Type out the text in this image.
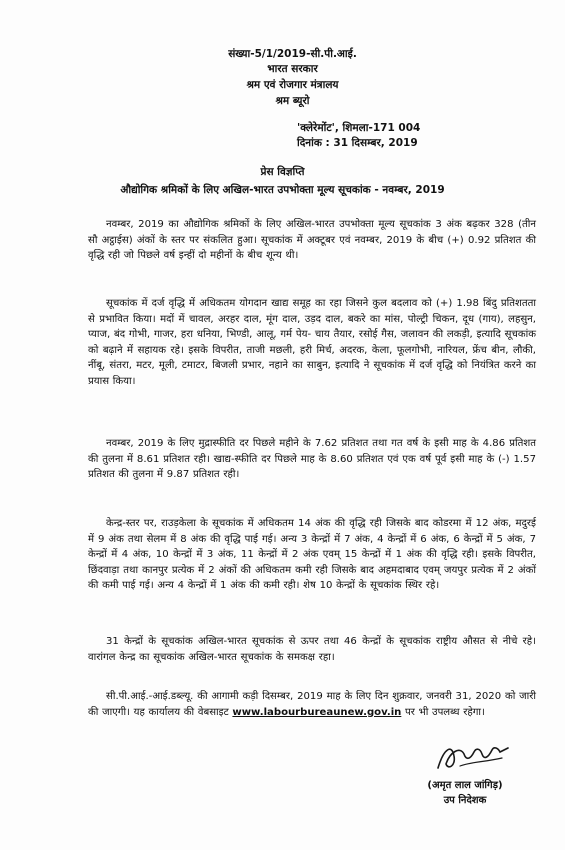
संख्या-5/1/2019-सी.पी.आई.
भारत सरकार
श्रम एवं रोजगार मंत्रालय
श्रम ब्यूरो
'क्लेरेमोंट', शिमला-171 004
दिनांक : 31 दिसम्बर, 2019
प्रेस विज्ञप्ति
औद्योगिक श्रमिकों के लिए अखिल-भारत उपभोक्ता मूल्य सूचकांक - नवम्बर, 2019
नवम्बर, 2019 का औद्योगिक श्रमिकों के लिए अखिल-भारत उपभोक्ता मूल्य सूचकांक 3 अंक बढ़कर 328 (तीन सौ अट्ठाईस) अंकों के स्तर पर संकलित हुआ। सूचकांक में अक्टूबर एवं नवम्बर, 2019 के बीच (+) 0.92 प्रतिशत की वृद्धि रही जो पिछले वर्ष इन्हीं दो महीनों के बीच शून्य थी।
सूचकांक में दर्ज वृद्धि में अधिकतम योगदान खाद्य समूह का रहा जिसने कुल बदलाव को (+) 1.98 बिंदु प्रतिशतता से प्रभावित किया। मदों में चावल, अरहर दाल, मूंग दाल, उड़द दाल, बकरे का मांस, पोल्ट्री चिकन, दूध (गाय), लहसुन, प्याज, बंद गोभी, गाजर, हरा धनिया, भिण्डी, आलू, गर्म पेय- चाय तैयार, रसोई गैस, जलावन की लकड़ी, इत्यादि सूचकांक को बढ़ाने में सहायक रहे। इसके विपरीत, ताजी मछली, हरी मिर्च, अदरक, केला, फूलगोभी, नारियल, फ्रेंच बीन, लौकी, नींबू, संतरा, मटर, मूली, टमाटर, बिजली प्रभार, नहाने का साबुन, इत्यादि ने सूचकांक में दर्ज वृद्धि को नियंत्रित करने का प्रयास किया।
नवम्बर, 2019 के लिए मुद्रास्फीति दर पिछले महीने के 7.62 प्रतिशत तथा गत वर्ष के इसी माह के 4.86 प्रतिशत की तुलना में 8.61 प्रतिशत रही। खाद्य-स्फीति दर पिछले माह के 8.60 प्रतिशत एवं एक वर्ष पूर्व इसी माह के (-) 1.57 प्रतिशत की तुलना में 9.87 प्रतिशत रही।
केन्द्र-स्तर पर, राउड़केला के सूचकांक में अधिकतम 14 अंक की वृद्धि रही जिसके बाद कोडरमा में 12 अंक, मदुरई में 9 अंक तथा सेलम में 8 अंक की वृद्धि पाई गई। अन्य 3 केन्द्रों में 7 अंक, 4 केन्द्रों में 6 अंक, 6 केन्द्रों में 5 अंक, 7 केन्द्रों में 4 अंक, 10 केन्द्रों में 3 अंक, 11 केन्द्रों में 2 अंक एवम् 15 केन्द्रों में 1 अंक की वृद्धि रही। इसके विपरीत, छिंदवाड़ा तथा कानपुर प्रत्येक में 2 अंकों की अधिकतम कमी रही जिसके बाद अहमदाबाद एवम् जयपुर प्रत्येक में 2 अंकों की कमी पाई गई। अन्य 4 केन्द्रों में 1 अंक की कमी रही। शेष 10 केन्द्रों के सूचकांक स्थिर रहे।
31 केन्द्रों के सूचकांक अखिल-भारत सूचकांक से ऊपर तथा 46 केन्द्रों के सूचकांक राष्ट्रीय औसत से नीचे रहे। वारांगल केन्द्र का सूचकांक अखिल-भारत सूचकांक के समकक्ष रहा।
सी.पी.आई.-आई.डब्ल्यू. की आगामी कड़ी दिसम्बर, 2019 माह के लिए दिन शुक्रवार, जनवरी 31, 2020 को जारी की जाएगी। यह कार्यालय की वेबसाइट www.labourbureaunew.gov.in पर भी उपलब्ध रहेगा।
(अमृत लाल जांगिड़)
उप निदेशक
